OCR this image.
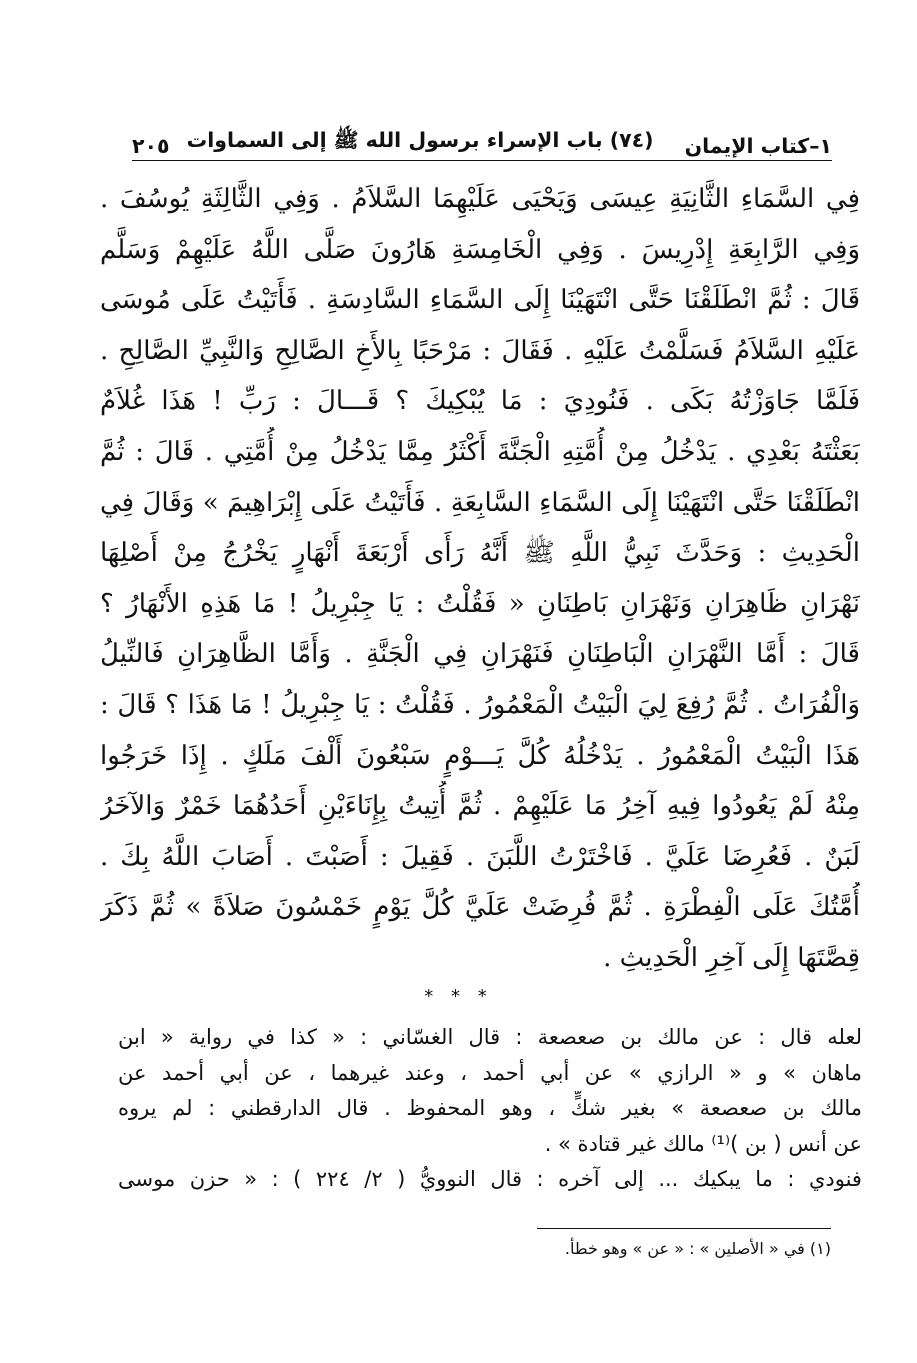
١–كتاب الإيمان
(٧٤) باب الإسراء برسول الله ﷺ إلى السماوات
٢٠٥
فِي السَّمَاءِ الثَّانِيَةِ عِيسَى وَيَحْيَى عَلَيْهِمَا السَّلاَمُ . وَفِي الثَّالِثَةِ يُوسُفَ .
وَفِي الرَّابِعَةِ إِدْرِيسَ . وَفِي الْخَامِسَةِ هَارُونَ صَلَّى اللَّهُ عَلَيْهِمْ وَسَلَّم
قَالَ : ثُمَّ انْطَلَقْنَا حَتَّى انْتَهَيْنَا إِلَى السَّمَاءِ السَّادِسَةِ . فَأَتَيْتُ عَلَى مُوسَى
عَلَيْهِ السَّلاَمُ فَسَلَّمْتُ عَلَيْهِ . فَقَالَ : مَرْحَبًا بِالأَخِ الصَّالِحِ وَالنَّبِيِّ الصَّالِحِ .
فَلَمَّا جَاوَزْتُهُ بَكَى . فَنُودِيَ : مَا يُبْكِيكَ ؟ قَـــالَ : رَبِّ ! هَذَا غُلاَمٌ
بَعَثْتَهُ بَعْدِي . يَدْخُلُ مِنْ أُمَّتِهِ الْجَنَّةَ أَكْثَرُ مِمَّا يَدْخُلُ مِنْ أُمَّتِي . قَالَ : ثُمَّ
انْطَلَقْنَا حَتَّى انْتَهَيْنَا إِلَى السَّمَاءِ السَّابِعَةِ . فَأَتَيْتُ عَلَى إِبْرَاهِيمَ » وَقَالَ فِي
الْحَدِيثِ : وَحَدَّثَ نَبِيُّ اللَّهِ ﷺ أَنَّهُ رَأَى أَرْبَعَةَ أَنْهَارٍ يَخْرُجُ مِنْ أَصْلِهَا
نَهْرَانِ ظَاهِرَانِ وَنَهْرَانِ بَاطِنَانِ « فَقُلْتُ : يَا جِبْرِيلُ ! مَا هَذِهِ الأَنْهَارُ ؟
قَالَ : أَمَّا النَّهْرَانِ الْبَاطِنَانِ فَنَهْرَانِ فِي الْجَنَّةِ . وَأَمَّا الظَّاهِرَانِ فَالنِّيلُ
وَالْفُرَاتُ . ثُمَّ رُفِعَ لِيَ الْبَيْتُ الْمَعْمُورُ . فَقُلْتُ : يَا جِبْرِيلُ ! مَا هَذَا ؟ قَالَ :
هَذَا الْبَيْتُ الْمَعْمُورُ . يَدْخُلُهُ كُلَّ يَـــوْمٍ سَبْعُونَ أَلْفَ مَلَكٍ . إِذَا خَرَجُوا
مِنْهُ لَمْ يَعُودُوا فِيهِ آخِرُ مَا عَلَيْهِمْ . ثُمَّ أُتِيتُ بِإِنَاءَيْنِ أَحَدُهُمَا خَمْرٌ وَالآخَرُ
لَبَنٌ . فَعُرِضَا عَلَيَّ . فَاخْتَرْتُ اللَّبَنَ . فَقِيلَ : أَصَبْتَ . أَصَابَ اللَّهُ بِكَ .
أُمَّتُكَ عَلَى الْفِطْرَةِ . ثُمَّ فُرِضَتْ عَلَيَّ كُلَّ يَوْمٍ خَمْسُونَ صَلاَةً » ثُمَّ ذَكَرَ
قِصَّتَهَا إِلَى آخِرِ الْحَدِيثِ .
* * *
لعله قال : عن مالك بن صعصعة : قال الغسّاني : « كذا في رواية « ابن
ماهان » و « الرازي » عن أبي أحمد ، وعند غيرهما ، عن أبي أحمد عن
مالك بن صعصعة » بغير شكٍّ ، وهو المحفوظ . قال الدارقطني : لم يروه
عن أنس ( بن )⁽¹⁾ مالك غير قتادة » .
فنودي : ما يبكيك ... إلى آخره : قال النوويُّ ( ٢/ ٢٢٤ ) : « حزن موسى
(١) في « الأصلين » : « عن » وهو خطأ.
